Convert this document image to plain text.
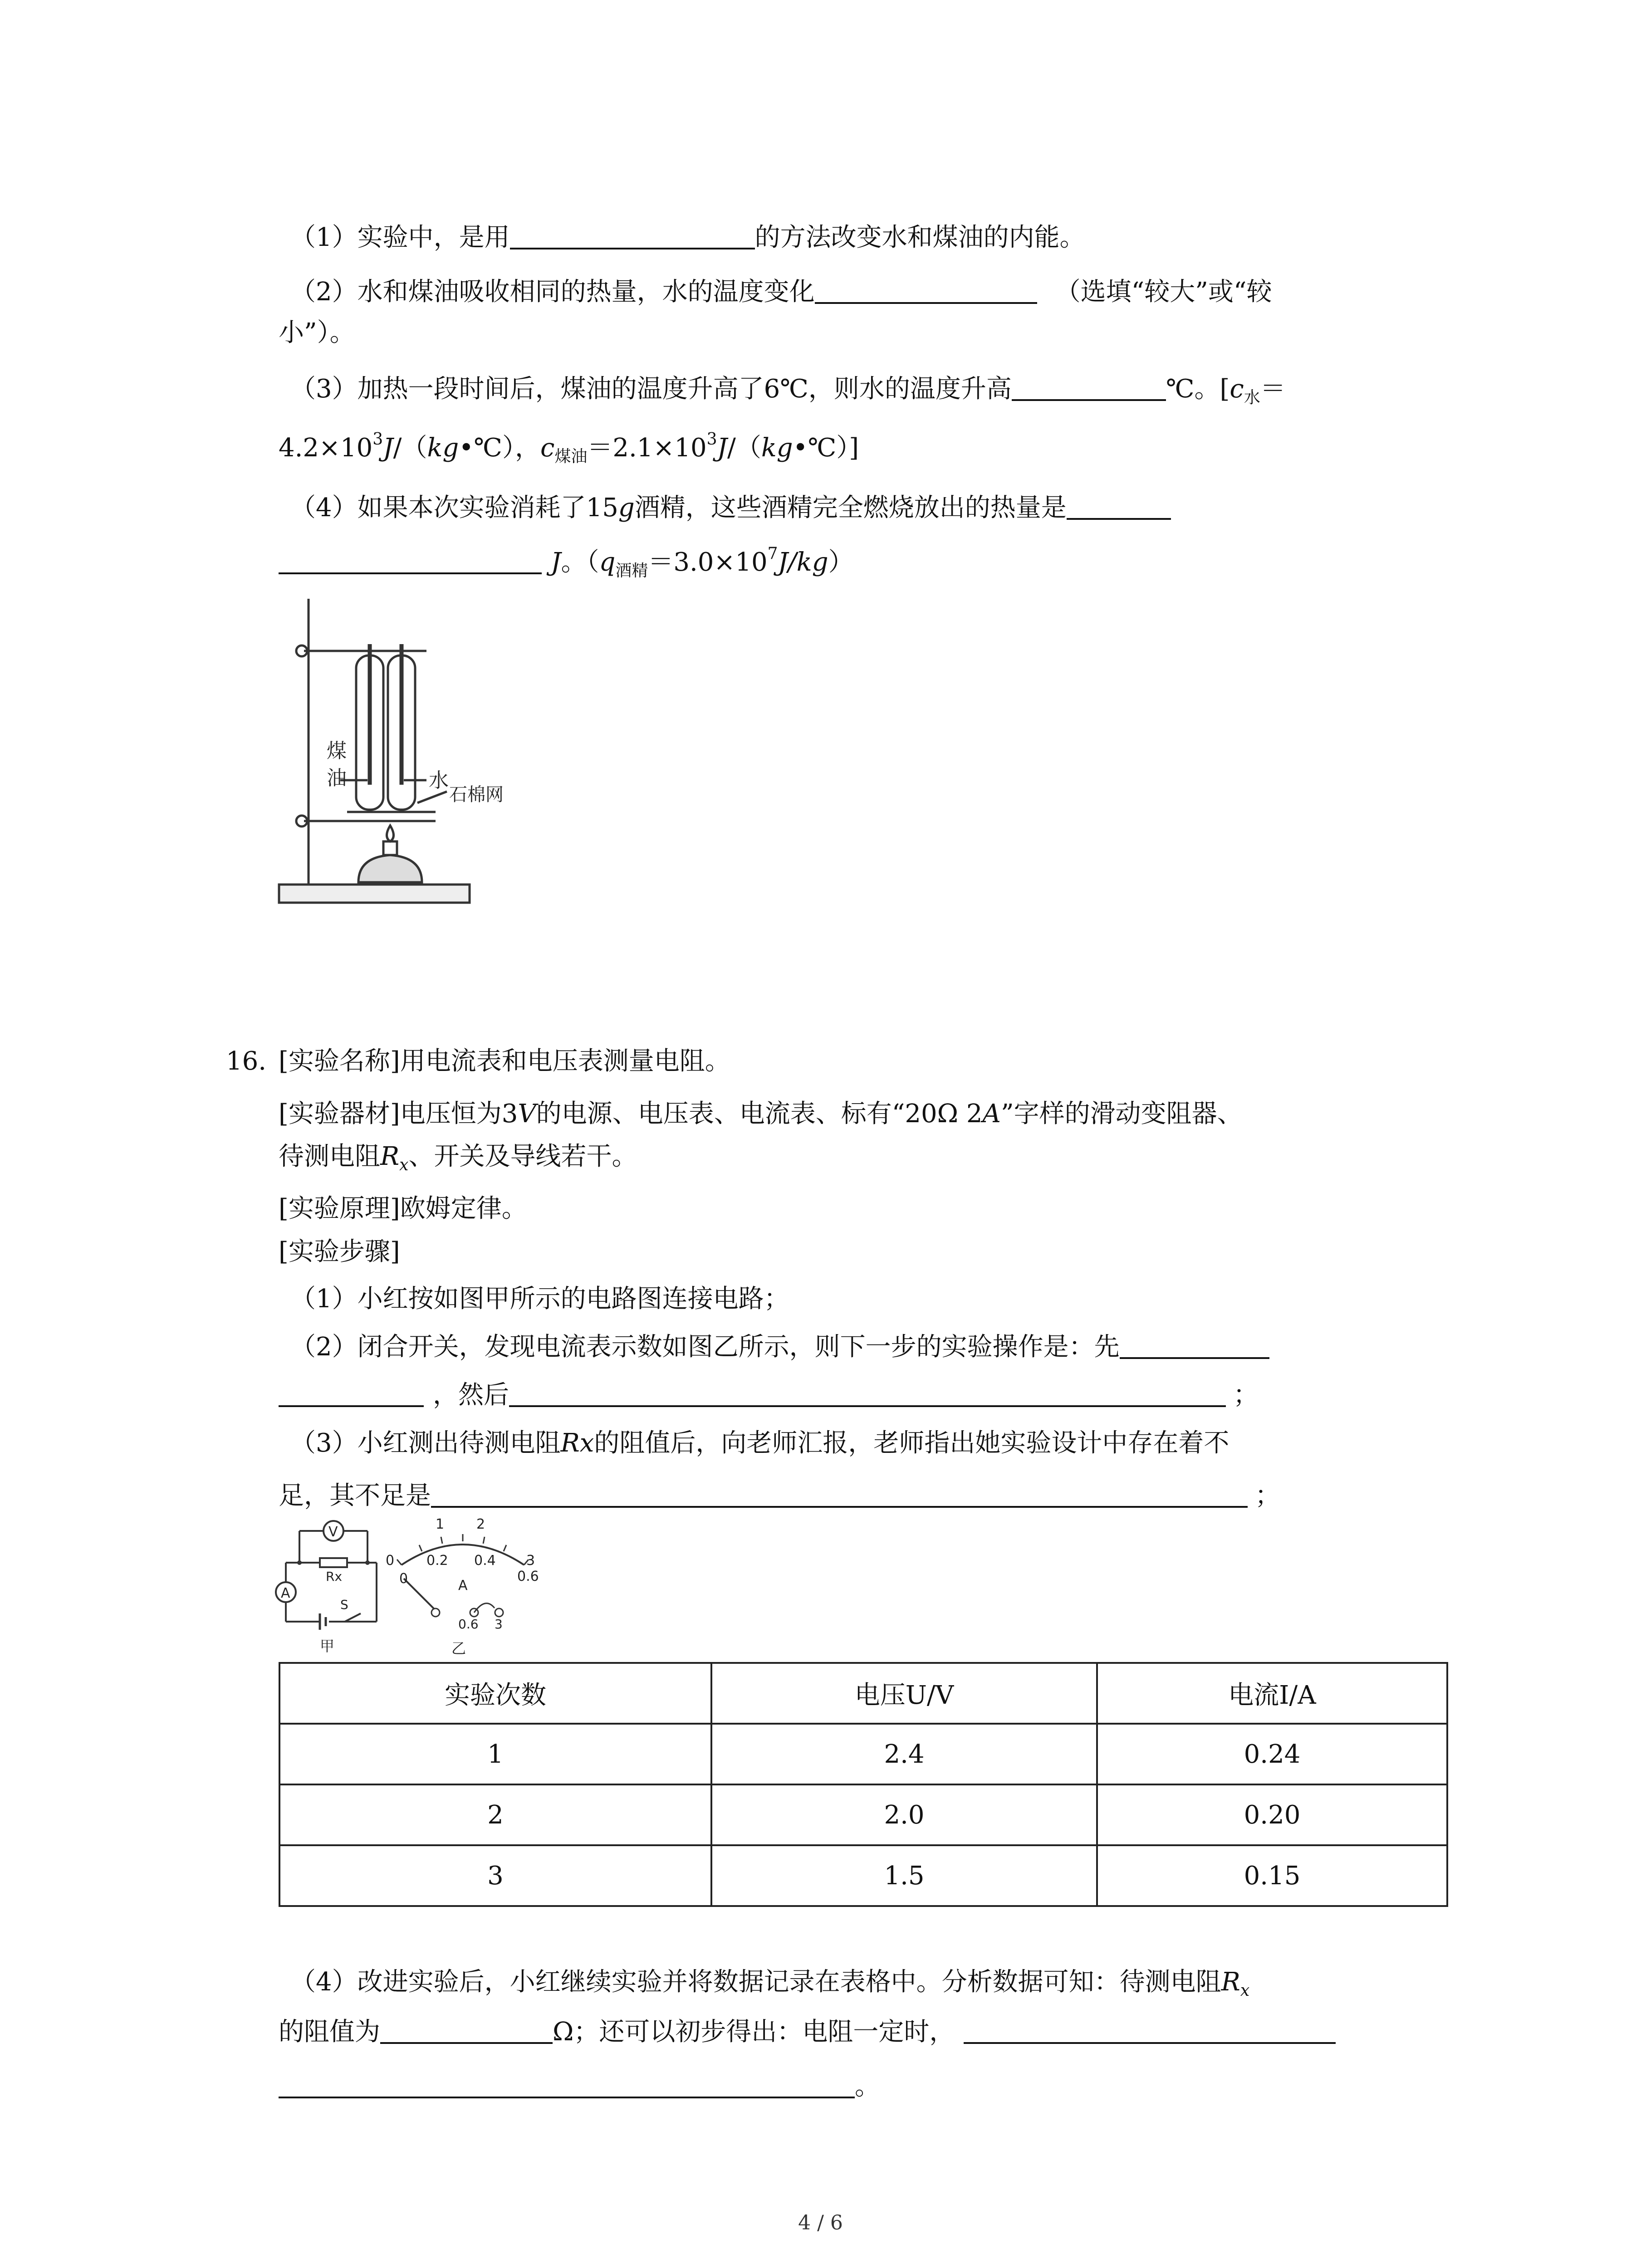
（1）实验中，是用	的方法改变水和煤油的内能。
（2）水和煤油吸收相同的热量，水的温度变化	（选填“较大”或“较
小”）。
（3）加热一段时间后，煤油的温度升高了6℃，则水的温度升高	℃。[$c_水=$
$4.2\times 10^3J/(kg•℃)$，$c_{煤油}=2.1\times 10^3J/(kg•℃)$]
（4）如果本次实验消耗了15g酒精，这些酒精完全燃烧放出的热量是
J。$(q_{酒精}=3.0\times 10^7J/kg)$
煤
油	水
石棉网
16. [实验名称]用电流表和电压表测量电阻。
[实验器材]电压恒为3V的电源、电压表、电流表、标有“20Ω 2A”字样的滑动变阻器、
待测电阻$R_x$、开关及导线若干。
[实验原理]欧姆定律。
[实验步骤]
（1）小红按如图甲所示的电路图连接电路；
（2）闭合开关，发现电流表示数如图乙所示，则下一步的实验操作是：先
，然后	；
（3）小红测出待测电阻Rx的阻值后，向老师汇报，老师指出她实验设计中存在着不
足，其不足是	；
V
A
Rx
S
甲
1 2
0 0.2 0.4 3
0.6
0	A
0.6 3
乙
实验次数	电压U/V	电流I/A
1	2.4	0.24
2	2.0	0.20
3	1.5	0.15
（4）改进实验后，小红继续实验并将数据记录在表格中。分析数据可知：待测电阻$R_x$
的阻值为	Ω；还可以初步得出：电阻一定时，
。
4 / 6
